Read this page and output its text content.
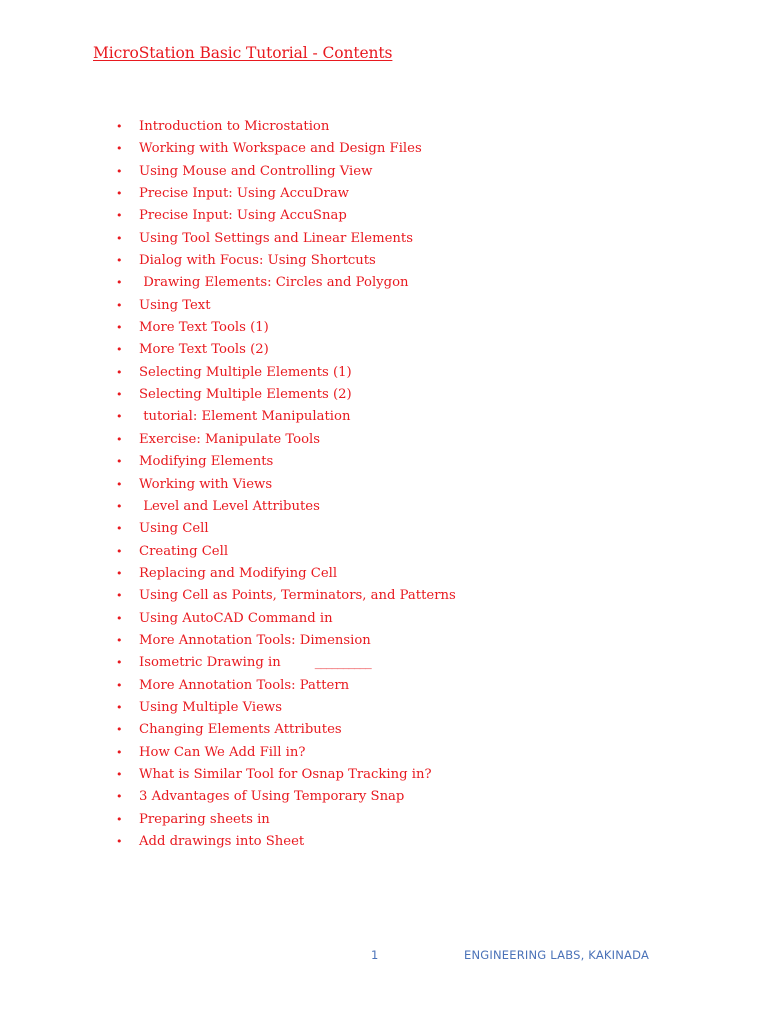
MicroStation Basic Tutorial - Contents
• Introduction to Microstation
• Working with Workspace and Design Files
• Using Mouse and Controlling View
• Precise Input: Using AccuDraw
• Precise Input: Using AccuSnap
• Using Tool Settings and Linear Elements
• Dialog with Focus: Using Shortcuts
• Drawing Elements: Circles and Polygon
• Using Text
• More Text Tools (1)
• More Text Tools (2)
• Selecting Multiple Elements (1)
• Selecting Multiple Elements (2)
• tutorial: Element Manipulation
• Exercise: Manipulate Tools
• Modifying Elements
• Working with Views
• Level and Level Attributes
• Using Cell
• Creating Cell
• Replacing and Modifying Cell
• Using Cell as Points, Terminators, and Patterns
• Using AutoCAD Command in
• More Annotation Tools: Dimension
• Isometric Drawing in	__________
• More Annotation Tools: Pattern
• Using Multiple Views
• Changing Elements Attributes
• How Can We Add Fill in?
• What is Similar Tool for Osnap Tracking in?
• 3 Advantages of Using Temporary Snap
• Preparing sheets in
• Add drawings into Sheet
1	ENGINEERING LABS, KAKINADA
